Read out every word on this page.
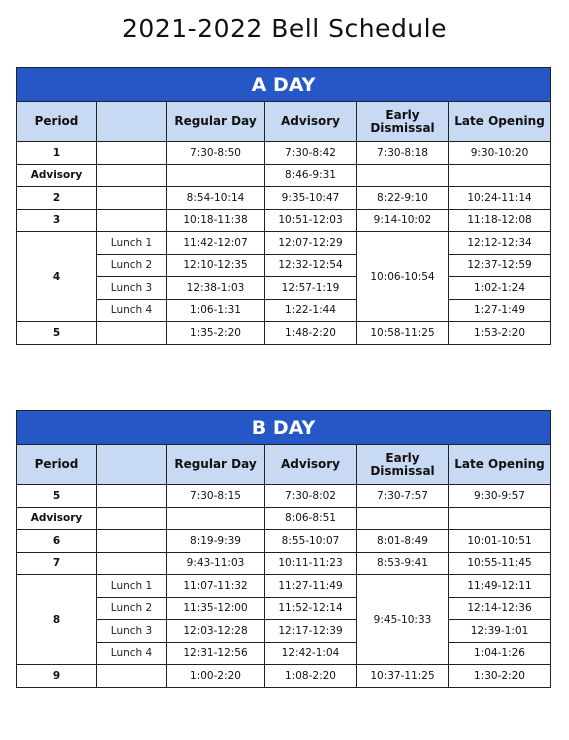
2021-2022 Bell Schedule
A DAY					
Period		Regular Day	Advisory	Early Dismissal	Late Opening
1		7:30-8:50	7:30-8:42	7:30-8:18	9:30-10:20
Advisory			8:46-9:31		
2		8:54-10:14	9:35-10:47	8:22-9:10	10:24-11:14
3		10:18-11:38	10:51-12:03	9:14-10:02	11:18-12:08
4	Lunch 1	11:42-12:07	12:07-12:29	10:06-10:54	12:12-12:34
	Lunch 2	12:10-12:35	12:32-12:54		12:37-12:59
	Lunch 3	12:38-1:03	12:57-1:19		1:02-1:24
	Lunch 4	1:06-1:31	1:22-1:44		1:27-1:49
5		1:35-2:20	1:48-2:20	10:58-11:25	1:53-2:20
B DAY					
Period		Regular Day	Advisory	Early Dismissal	Late Opening
5		7:30-8:15	7:30-8:02	7:30-7:57	9:30-9:57
Advisory			8:06-8:51		
6		8:19-9:39	8:55-10:07	8:01-8:49	10:01-10:51
7		9:43-11:03	10:11-11:23	8:53-9:41	10:55-11:45
8	Lunch 1	11:07-11:32	11:27-11:49	9:45-10:33	11:49-12:11
	Lunch 2	11:35-12:00	11:52-12:14		12:14-12:36
	Lunch 3	12:03-12:28	12:17-12:39		12:39-1:01
	Lunch 4	12:31-12:56	12:42-1:04		1:04-1:26
9		1:00-2:20	1:08-2:20	10:37-11:25	1:30-2:20
